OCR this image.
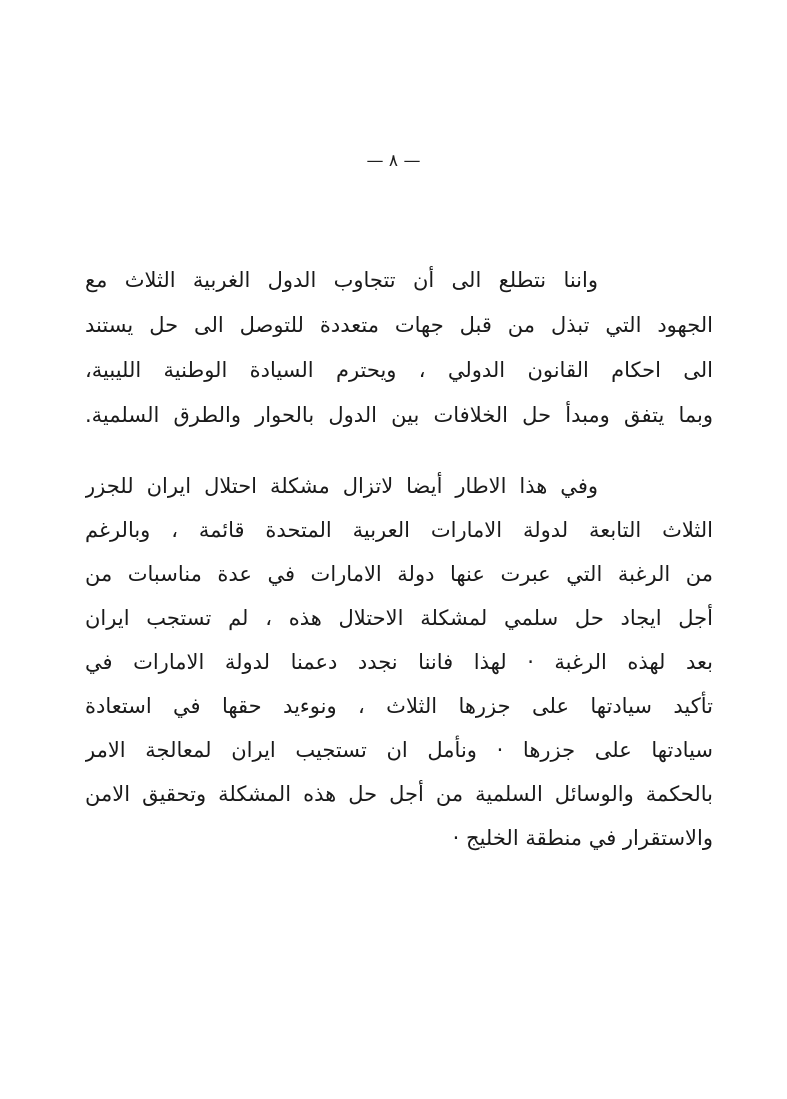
— ٨ —
واننا نتطلع الى أن تتجاوب الدول الغربية الثلاث مع
الجهود التي تبذل من قبل جهات متعددة للتوصل الى حل يستند
الى احكام القانون الدولي ، ويحترم السيادة الوطنية الليبية،
وبما يتفق ومبدأ حل الخلافات بين الدول بالحوار والطرق السلمية.
وفي هذا الاطار أيضا لاتزال مشكلة احتلال ايران للجزر
الثلاث التابعة لدولة الامارات العربية المتحدة قائمة ، وبالرغم
من الرغبة التي عبرت عنها دولة الامارات في عدة مناسبات من
أجل ايجاد حل سلمي لمشكلة الاحتلال هذه ، لم تستجب ايران
بعد لهذه الرغبة · لهذا فاننا نجدد دعمنا لدولة الامارات في
تأكيد سيادتها على جزرها الثلاث ، ونوءيد حقها في استعادة
سيادتها على جزرها · ونأمل ان تستجيب ايران لمعالجة الامر
بالحكمة والوسائل السلمية من أجل حل هذه المشكلة وتحقيق الامن
والاستقرار في منطقة الخليج ·
